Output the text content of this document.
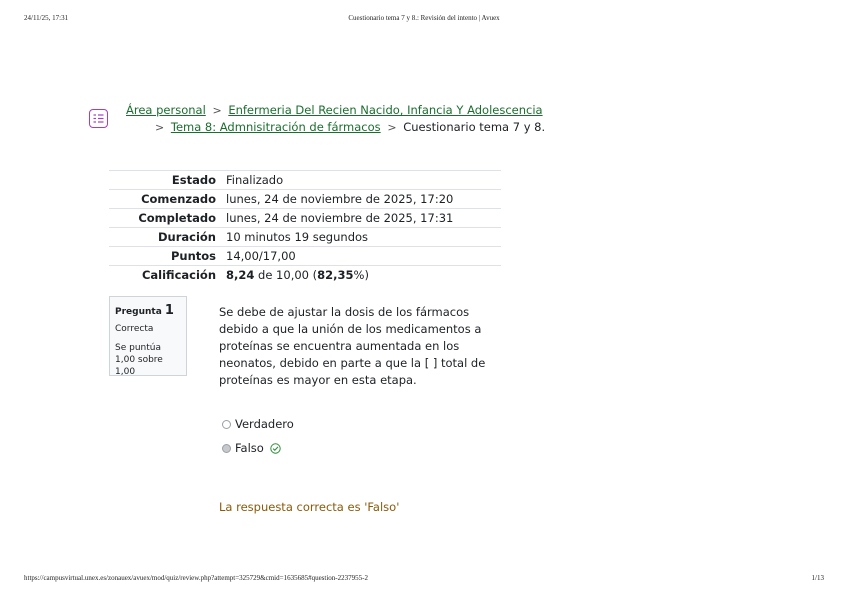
24/11/25, 17:31	Cuestionario tema 7 y 8.: Revisión del intento | Avuex
Área personal > Enfermeria Del Recien Nacido, Infancia Y Adolescencia
> Tema 8: Admnisitración de fármacos > Cuestionario tema 7 y 8.
Estado	Finalizado
Comenzado	lunes, 24 de noviembre de 2025, 17:20
Completado	lunes, 24 de noviembre de 2025, 17:31
Duración	10 minutos 19 segundos
Puntos	14,00/17,00
Calificación	8,24 de 10,00 (82,35%)
Pregunta 1
Correcta
Se puntúa 1,00 sobre 1,00
Se debe de ajustar la dosis de los fármacos debido a que la unión de los medicamentos a proteínas se encuentra aumentada en los neonatos, debido en parte a que la [ ] total de proteínas es mayor en esta etapa.
Verdadero
Falso
La respuesta correcta es 'Falso'
https://campusvirtual.unex.es/zonauex/avuex/mod/quiz/review.php?attempt=325729&cmid=1635685#question-2237955-2	1/13
